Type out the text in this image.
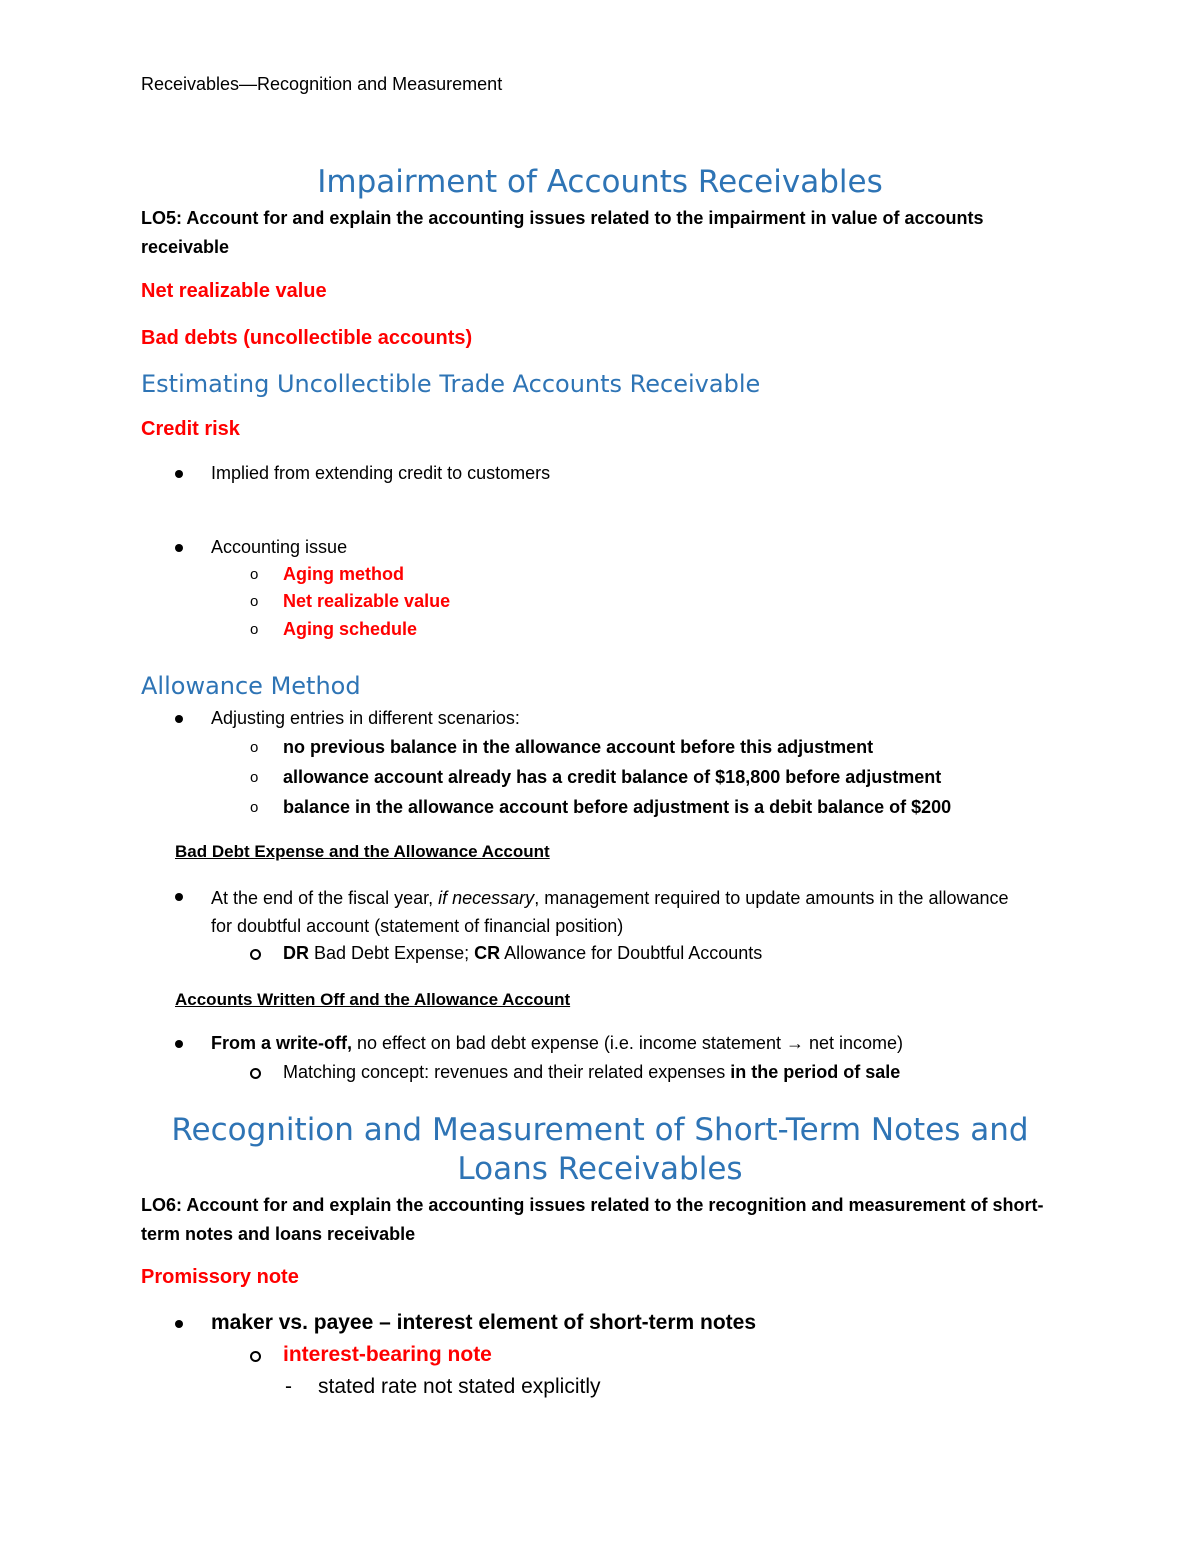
Receivables—Recognition and Measurement
Impairment of Accounts Receivables
LO5: Account for and explain the accounting issues related to the impairment in value of accounts receivable
Net realizable value
Bad debts (uncollectible accounts)
Estimating Uncollectible Trade Accounts Receivable
Credit risk
Implied from extending credit to customers
Accounting issue
o Aging method
o Net realizable value
o Aging schedule
Allowance Method
Adjusting entries in different scenarios:
o no previous balance in the allowance account before this adjustment
o allowance account already has a credit balance of $18,800 before adjustment
o balance in the allowance account before adjustment is a debit balance of $200
Bad Debt Expense and the Allowance Account
At the end of the fiscal year, if necessary, management required to update amounts in the allowance for doubtful account (statement of financial position)
DR Bad Debt Expense; CR Allowance for Doubtful Accounts
Accounts Written Off and the Allowance Account
From a write-off, no effect on bad debt expense (i.e. income statement → net income)
Matching concept: revenues and their related expenses in the period of sale
Recognition and Measurement of Short-Term Notes and
Loans Receivables
LO6: Account for and explain the accounting issues related to the recognition and measurement of short-term notes and loans receivable
Promissory note
maker vs. payee – interest element of short-term notes
interest-bearing note
- stated rate not stated explicitly
